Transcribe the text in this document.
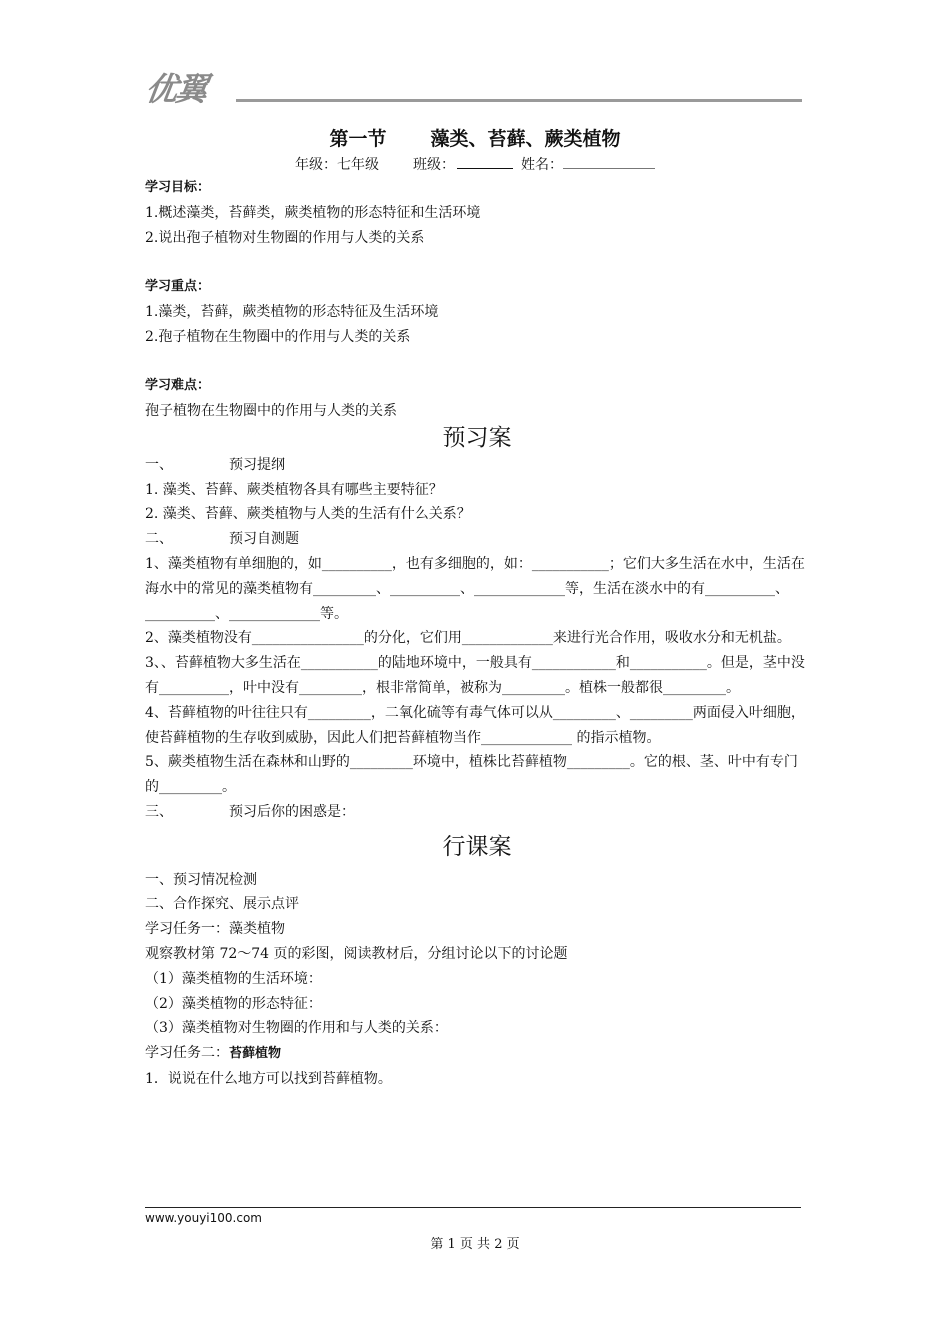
优翼
第一节 藻类、苔藓、蕨类植物
年级：七年级 班级：	姓名：

学习目标：

1.概述藻类，苔藓类，蕨类植物的形态特征和生活环境

2.说出孢子植物对生物圈的作用与人类的关系

学习重点：

1.藻类，苔藓，蕨类植物的形态特征及生活环境

2.孢子植物在生物圈中的作用与人类的关系

学习难点：

孢子植物在生物圈中的作用与人类的关系

预习案

一、	预习提纲

1. 藻类、苔藓、蕨类植物各具有哪些主要特征？

2. 藻类、苔藓、蕨类植物与人类的生活有什么关系？

二、	预习自测题

1、藻类植物有单细胞的，如__________，也有多细胞的，如：___________；它们大多生活在水中，生活在海水中的常见的藻类植物有_________、__________、_____________等，生活在淡水中的有__________、__________、_____________等。

2、藻类植物没有________________的分化，它们用_____________来进行光合作用，吸收水分和无机盐。

3、、苔藓植物大多生活在___________的陆地环境中，一般具有____________和___________。但是，茎中没有__________，叶中没有_________，根非常简单，被称为_________。植株一般都很_________。

4、苔藓植物的叶往往只有_________，二氧化硫等有毒气体可以从_________、_________两面侵入叶细胞，使苔藓植物的生存收到威胁，因此人们把苔藓植物当作_____________ 的指示植物。

5、蕨类植物生活在森林和山野的_________环境中，植株比苔藓植物_________。它的根、茎、叶中有专门的_________。

三、	预习后你的困惑是：

行课案

一、预习情况检测

二、合作探究、展示点评

学习任务一：藻类植物

观察教材第 72～74 页的彩图，阅读教材后，分组讨论以下的讨论题

（1）藻类植物的生活环境：

（2）藻类植物的形态特征：

（3）藻类植物对生物圈的作用和与人类的关系：

学习任务二：苔藓植物

1．说说在什么地方可以找到苔藓植物。

www.youyi100.com
第 1 页 共 2 页
